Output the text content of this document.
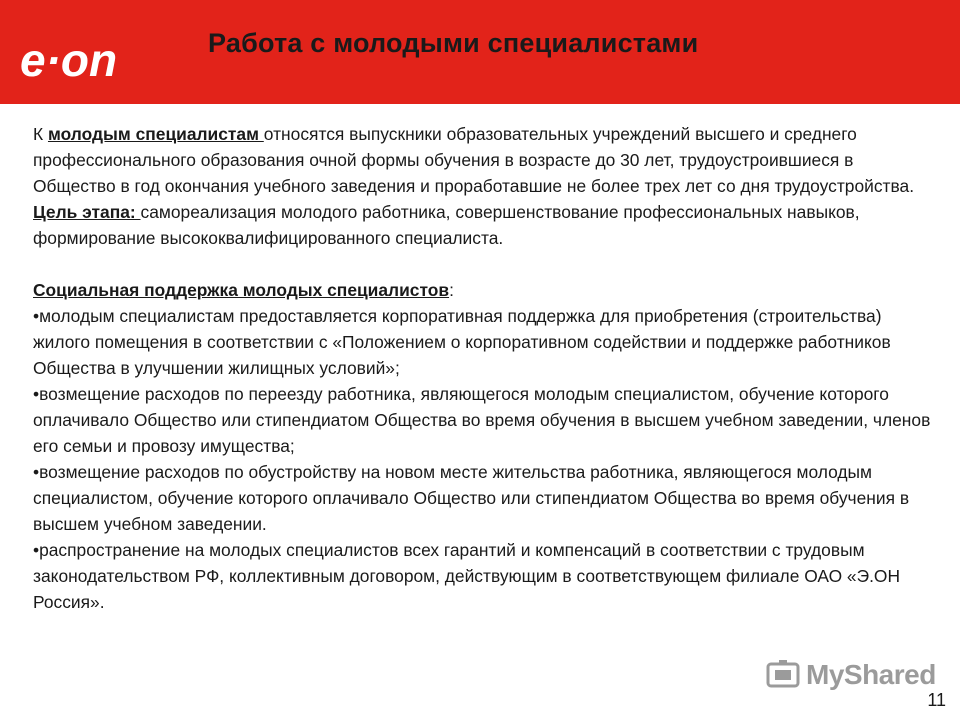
e·on	Работа с молодыми специалистами

К молодым специалистам относятся выпускники образовательных учреждений высшего и среднего профессионального образования очной формы обучения в возрасте до 30 лет, трудоустроившиеся в Общество в год окончания учебного заведения и проработавшие не более трех лет со дня трудоустройства.

Цель этапа: самореализация молодого работника, совершенствование профессиональных навыков, формирование высококвалифицированного специалиста.

Социальная поддержка молодых специалистов:

•молодым специалистам предоставляется корпоративная поддержка для приобретения (строительства) жилого помещения в соответствии с «Положением о корпоративном содействии и поддержке работников Общества в улучшении жилищных условий»;

•возмещение расходов по переезду работника, являющегося молодым специалистом, обучение которого оплачивало Общество или стипендиатом Общества во время обучения в высшем учебном заведении, членов его семьи и провозу имущества;

•возмещение расходов по обустройству на новом месте жительства работника, являющегося молодым специалистом, обучение которого оплачивало Общество или стипендиатом Общества во время обучения в высшем учебном заведении.

•распространение на молодых специалистов всех гарантий и компенсаций в соответствии с трудовым законодательством РФ, коллективным договором, действующим в соответствующем филиале ОАО «Э.ОН Россия».

MyShared
11
